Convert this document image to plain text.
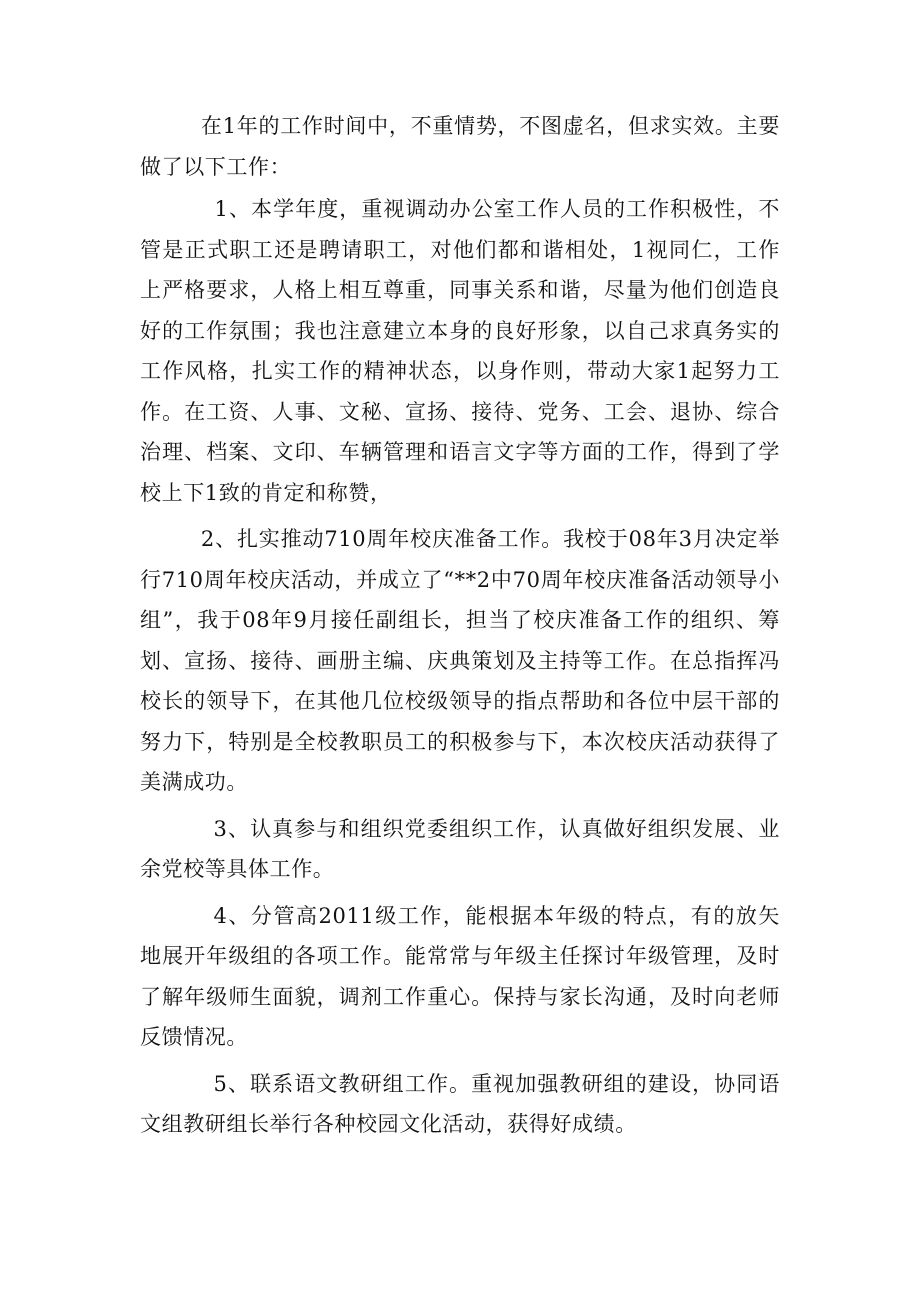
在1年的工作时间中，不重情势，不图虚名，但求实效。主要做了以下工作：

1、本学年度，重视调动办公室工作人员的工作积极性，不管是正式职工还是聘请职工，对他们都和谐相处，1视同仁，工作上严格要求，人格上相互尊重，同事关系和谐，尽量为他们创造良好的工作氛围；我也注意建立本身的良好形象，以自己求真务实的工作风格，扎实工作的精神状态，以身作则，带动大家1起努力工作。在工资、人事、文秘、宣扬、接待、党务、工会、退协、综合治理、档案、文印、车辆管理和语言文字等方面的工作，得到了学校上下1致的肯定和称赞，

2、扎实推动710周年校庆准备工作。我校于08年3月决定举行710周年校庆活动，并成立了“**2中70周年校庆准备活动领导小组”，我于08年9月接任副组长，担当了校庆准备工作的组织、筹划、宣扬、接待、画册主编、庆典策划及主持等工作。在总指挥冯校长的领导下，在其他几位校级领导的指点帮助和各位中层干部的努力下，特别是全校教职员工的积极参与下，本次校庆活动获得了美满成功。

3、认真参与和组织党委组织工作，认真做好组织发展、业余党校等具体工作。

4、分管高2011级工作，能根据本年级的特点，有的放矢地展开年级组的各项工作。能常常与年级主任探讨年级管理，及时了解年级师生面貌，调剂工作重心。保持与家长沟通，及时向老师反馈情况。

5、联系语文教研组工作。重视加强教研组的建设，协同语文组教研组长举行各种校园文化活动，获得好成绩。
